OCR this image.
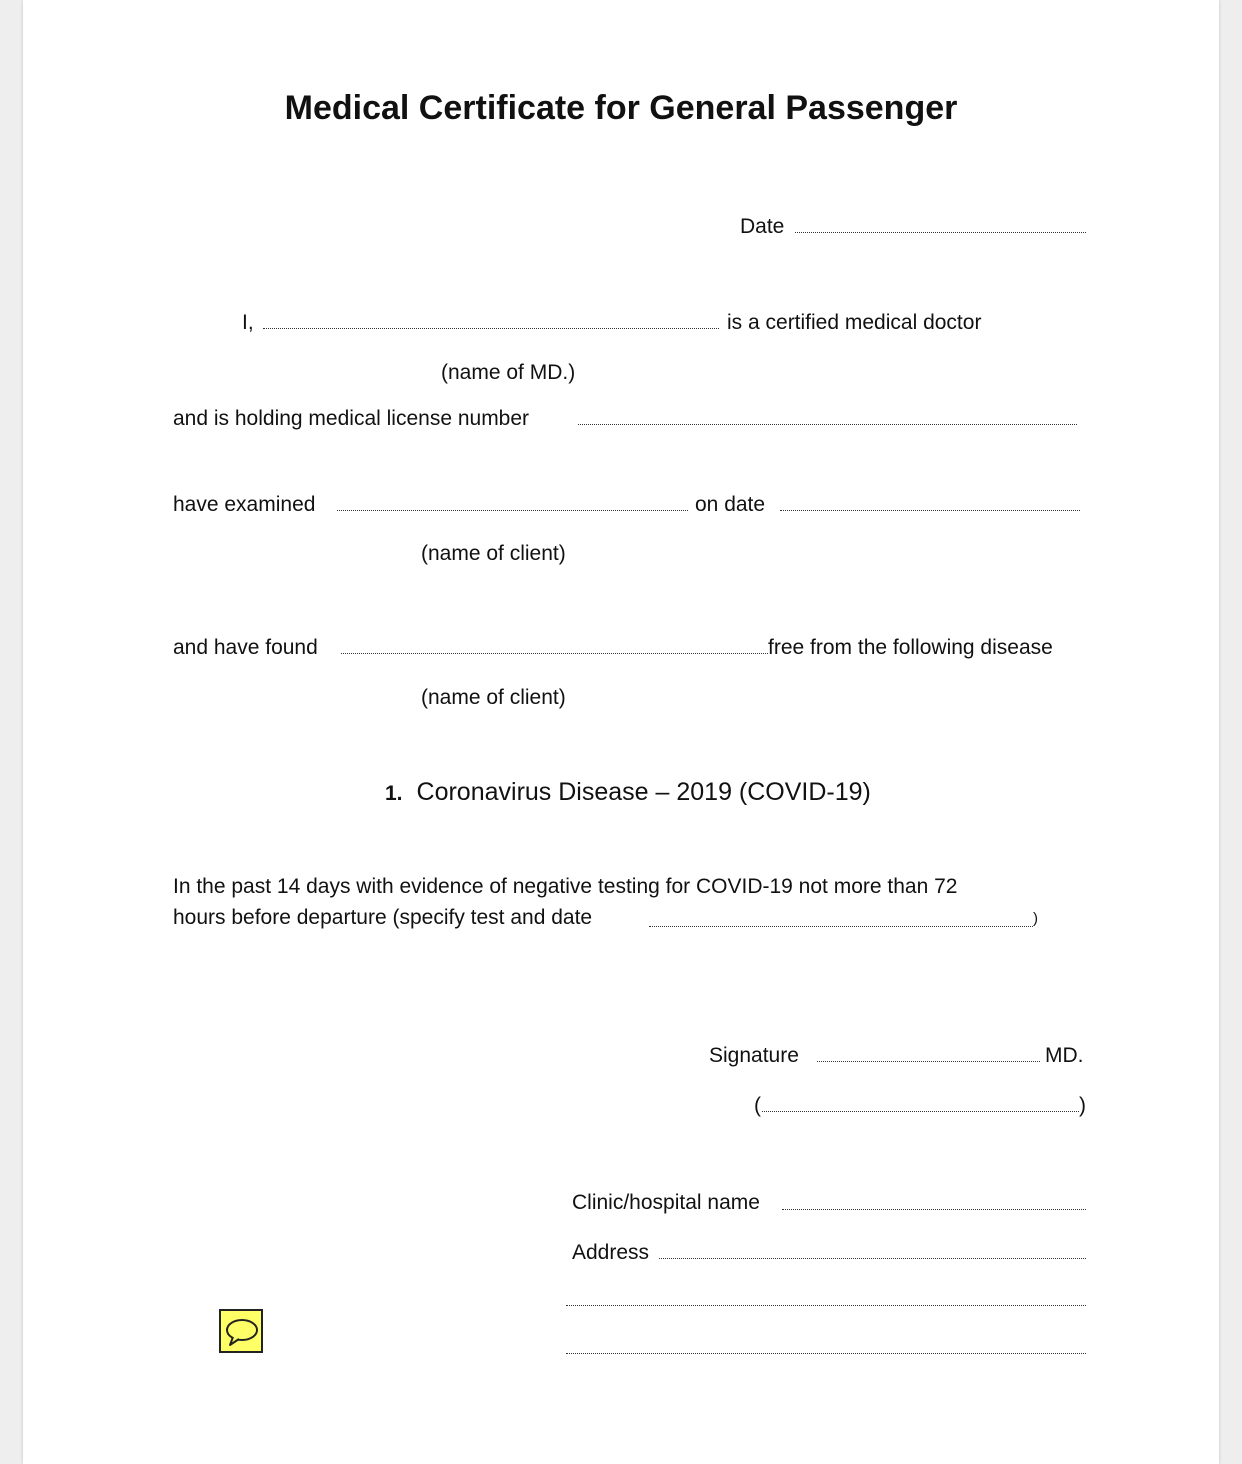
Medical Certificate for General Passenger
Date
I,	is a certified medical doctor
(name of MD.)
and is holding medical license number
have examined	on date
(name of client)
and have found	free from the following disease
(name of client)
1. Coronavirus Disease – 2019 (COVID-19)
In the past 14 days with evidence of negative testing for COVID-19 not more than 72
hours before departure (specify test and date	)
Signature	MD.
(	)
Clinic/hospital name
Address
